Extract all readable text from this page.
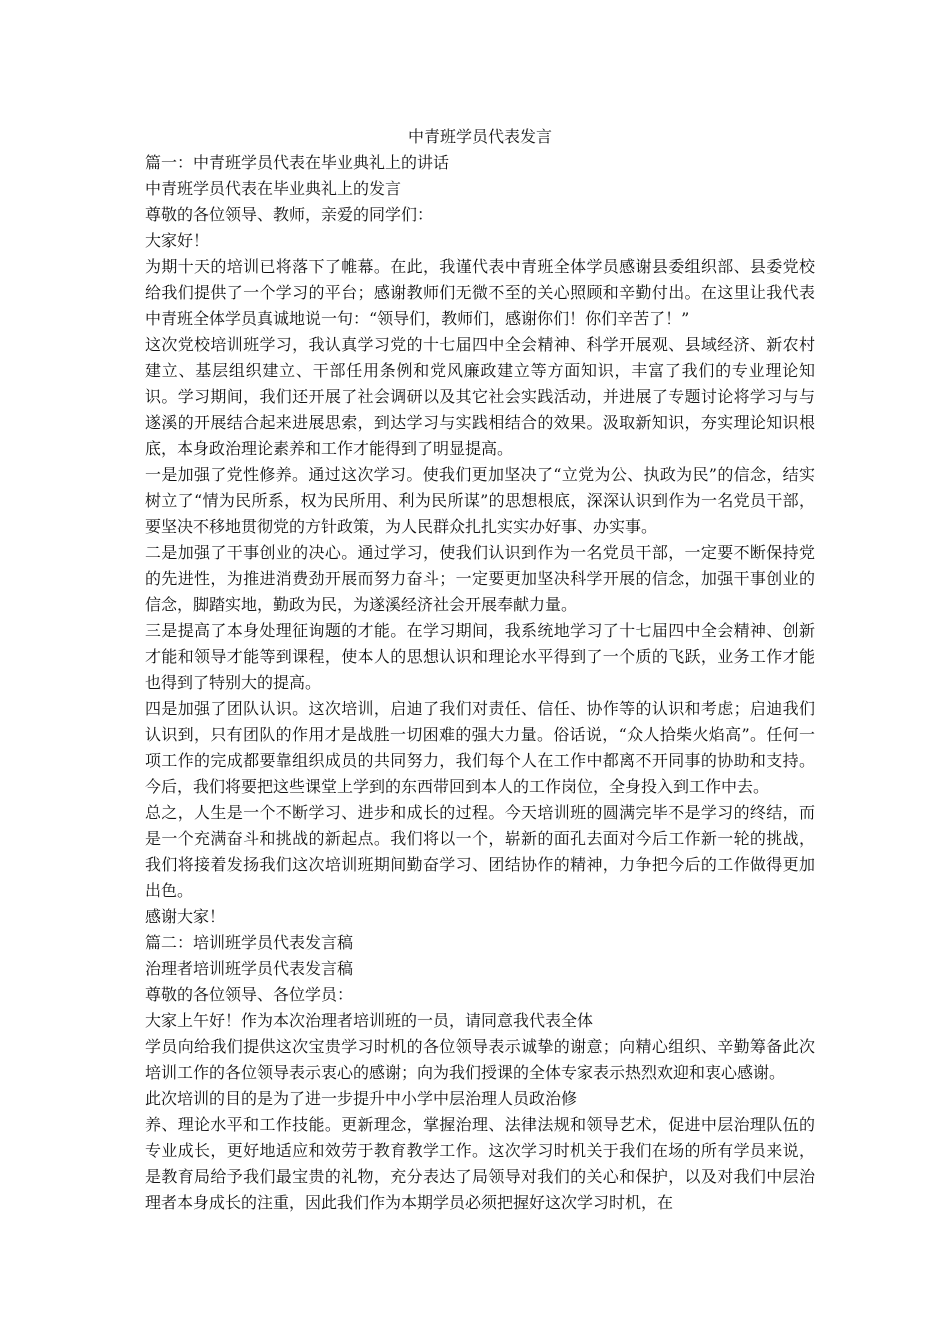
中青班学员代表发言

篇一：中青班学员代表在毕业典礼上的讲话

中青班学员代表在毕业典礼上的发言

尊敬的各位领导、教师，亲爱的同学们：

大家好！

为期十天的培训已将落下了帷幕。在此，我谨代表中青班全体学员感谢县委组织部、县委党校给我们提供了一个学习的平台；感谢教师们无微不至的关心照顾和辛勤付出。在这里让我代表中青班全体学员真诚地说一句：“领导们，教师们，感谢你们！你们辛苦了！”

这次党校培训班学习，我认真学习党的十七届四中全会精神、科学开展观、县域经济、新农村建立、基层组织建立、干部任用条例和党风廉政建立等方面知识，丰富了我们的专业理论知识。学习期间，我们还开展了社会调研以及其它社会实践活动，并进展了专题讨论将学习与与遂溪的开展结合起来进展思索，到达学习与实践相结合的效果。汲取新知识，夯实理论知识根底，本身政治理论素养和工作才能得到了明显提高。

一是加强了党性修养。通过这次学习。使我们更加坚决了“立党为公、执政为民”的信念，结实树立了“情为民所系，权为民所用、利为民所谋”的思想根底，深深认识到作为一名党员干部，要坚决不移地贯彻党的方针政策，为人民群众扎扎实实办好事、办实事。

二是加强了干事创业的决心。通过学习，使我们认识到作为一名党员干部，一定要不断保持党的先进性，为推进消费劲开展而努力奋斗；一定要更加坚决科学开展的信念，加强干事创业的信念，脚踏实地，勤政为民，为遂溪经济社会开展奉献力量。

三是提高了本身处理征询题的才能。在学习期间，我系统地学习了十七届四中全会精神、创新才能和领导才能等到课程，使本人的思想认识和理论水平得到了一个质的飞跃，业务工作才能也得到了特别大的提高。

四是加强了团队认识。这次培训，启迪了我们对责任、信任、协作等的认识和考虑；启迪我们认识到，只有团队的作用才是战胜一切困难的强大力量。俗话说，“众人拾柴火焰高”。任何一项工作的完成都要靠组织成员的共同努力，我们每个人在工作中都离不开同事的协助和支持。今后，我们将要把这些课堂上学到的东西带回到本人的工作岗位，全身投入到工作中去。

总之，人生是一个不断学习、进步和成长的过程。今天培训班的圆满完毕不是学习的终结，而是一个充满奋斗和挑战的新起点。我们将以一个，崭新的面孔去面对今后工作新一轮的挑战，我们将接着发扬我们这次培训班期间勤奋学习、团结协作的精神，力争把今后的工作做得更加出色。

感谢大家！

篇二：培训班学员代表发言稿

治理者培训班学员代表发言稿

尊敬的各位领导、各位学员：

大家上午好！作为本次治理者培训班的一员，请同意我代表全体

学员向给我们提供这次宝贵学习时机的各位领导表示诚挚的谢意；向精心组织、辛勤筹备此次培训工作的各位领导表示衷心的感谢；向为我们授课的全体专家表示热烈欢迎和衷心感谢。

此次培训的目的是为了进一步提升中小学中层治理人员政治修

养、理论水平和工作技能。更新理念，掌握治理、法律法规和领导艺术，促进中层治理队伍的专业成长，更好地适应和效劳于教育教学工作。这次学习时机关于我们在场的所有学员来说，是教育局给予我们最宝贵的礼物，充分表达了局领导对我们的关心和保护，以及对我们中层治理者本身成长的注重，因此我们作为本期学员必须把握好这次学习时机，在
